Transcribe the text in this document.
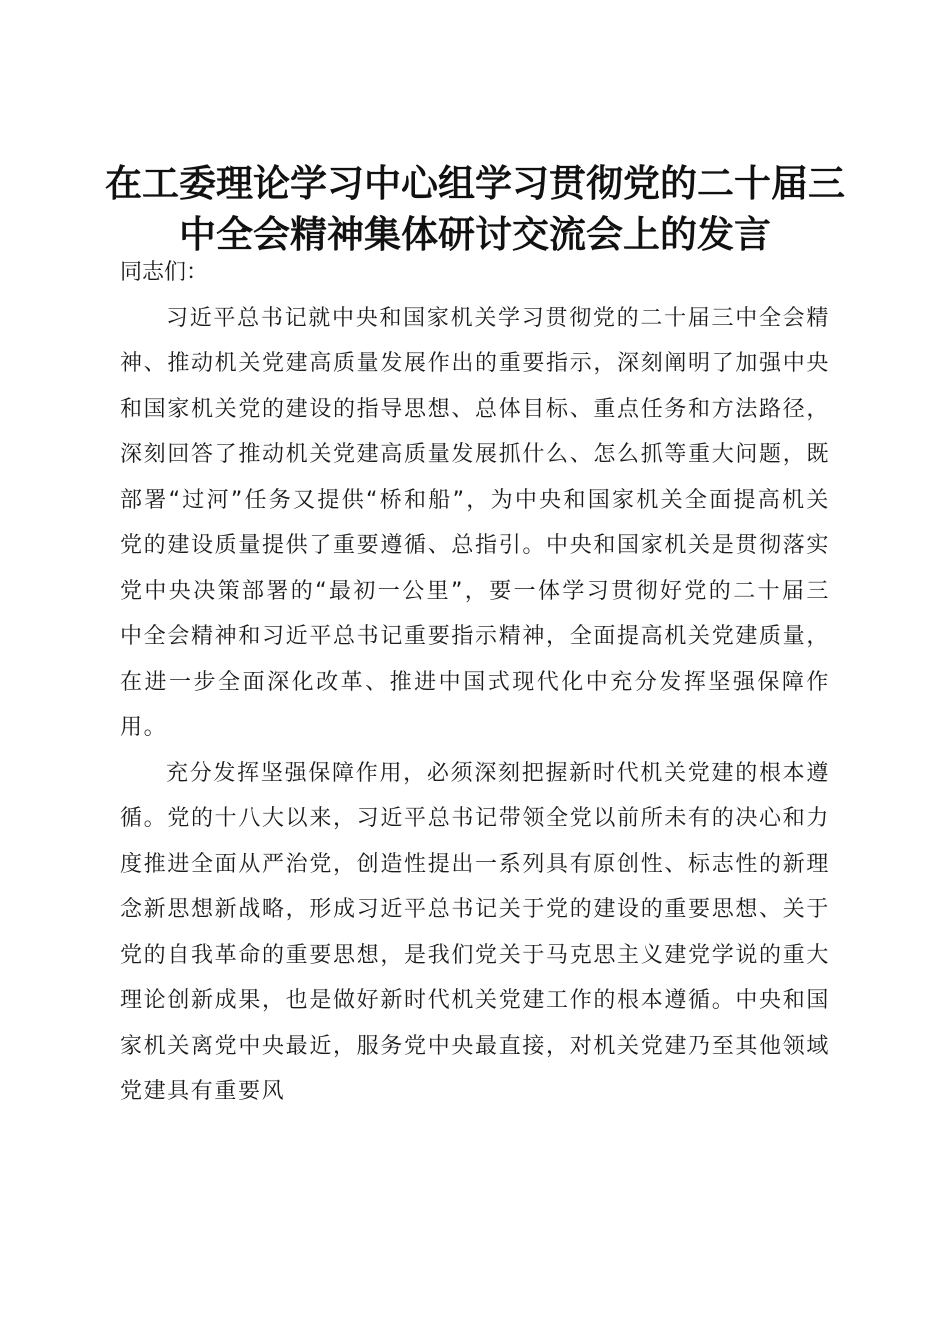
在工委理论学习中心组学习贯彻党的二十届三
中全会精神集体研讨交流会上的发言

同志们：

习近平总书记就中央和国家机关学习贯彻党的二十届三中全会精神、推动机关党建高质量发展作出的重要指示，深刻阐明了加强中央和国家机关党的建设的指导思想、总体目标、重点任务和方法路径，深刻回答了推动机关党建高质量发展抓什么、怎么抓等重大问题，既部署“过河”任务又提供“桥和船”，为中央和国家机关全面提高机关党的建设质量提供了重要遵循、总指引。中央和国家机关是贯彻落实党中央决策部署的“最初一公里”，要一体学习贯彻好党的二十届三中全会精神和习近平总书记重要指示精神，全面提高机关党建质量，在进一步全面深化改革、推进中国式现代化中充分发挥坚强保障作用。

充分发挥坚强保障作用，必须深刻把握新时代机关党建的根本遵循。党的十八大以来，习近平总书记带领全党以前所未有的决心和力度推进全面从严治党，创造性提出一系列具有原创性、标志性的新理念新思想新战略，形成习近平总书记关于党的建设的重要思想、关于党的自我革命的重要思想，是我们党关于马克思主义建党学说的重大理论创新成果，也是做好新时代机关党建工作的根本遵循。中央和国家机关离党中央最近，服务党中央最直接，对机关党建乃至其他领域党建具有重要风
